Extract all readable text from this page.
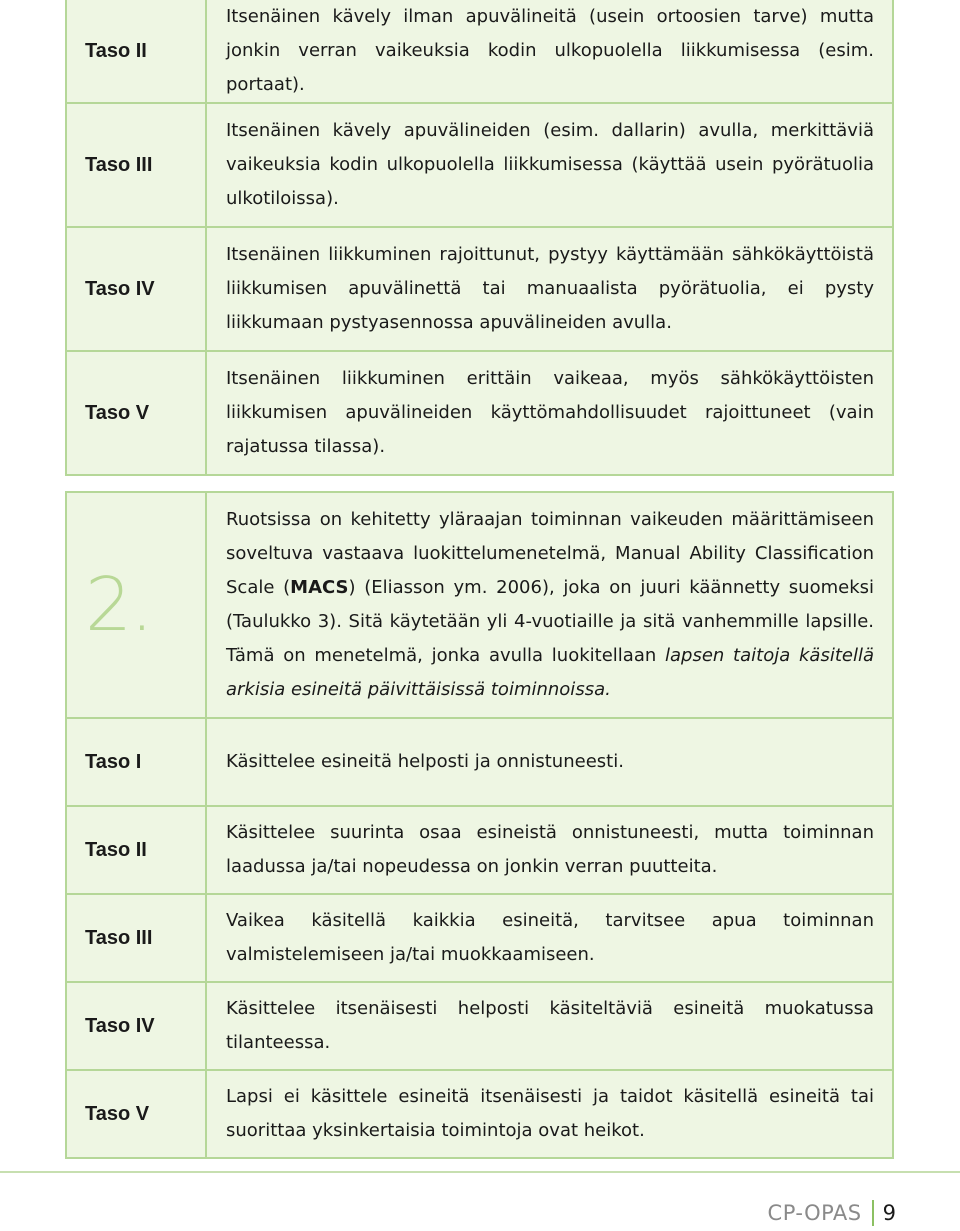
Taso II	Itsenäinen kävely ilman apuvälineitä (usein ortoosien tarve) mutta jonkin verran vaikeuksia kodin ulkopuolella liikkumisessa (esim. portaat).
Taso III	Itsenäinen kävely apuvälineiden (esim. dallarin) avulla, merkittäviä vaikeuksia kodin ulkopuolella liikkumisessa (käyttää usein pyörätuolia ulkotiloissa).
Taso IV	Itsenäinen liikkuminen rajoittunut, pystyy käyttämään sähkökäyttöistä liikkumisen apuvälinettä tai manuaalista pyörätuolia, ei pysty liikkumaan pystyasennossa apuvälineiden avulla.
Taso V	Itsenäinen liikkuminen erittäin vaikeaa, myös sähkökäyttöisten liikkumisen apuvälineiden käyttömahdollisuudet rajoittuneet (vain rajatussa tilassa).
2.	Ruotsissa on kehitetty yläraajan toiminnan vaikeuden määrittämiseen soveltuva vastaava luokittelumenetelmä, Manual Ability Classification Scale (MACS) (Eliasson ym. 2006), joka on juuri käännetty suomeksi (Taulukko 3). Sitä käytetään yli 4-vuotiaille ja sitä vanhemmille lapsille. Tämä on menetelmä, jonka avulla luokitellaan lapsen taitoja käsitellä arkisia esineitä päivittäisissä toiminnoissa.
Taso I	Käsittelee esineitä helposti ja onnistuneesti.
Taso II	Käsittelee suurinta osaa esineistä onnistuneesti, mutta toiminnan laadussa ja/tai nopeudessa on jonkin verran puutteita.
Taso III	Vaikea käsitellä kaikkia esineitä, tarvitsee apua toiminnan valmistelemiseen ja/tai muokkaamiseen.
Taso IV	Käsittelee itsenäisesti helposti käsiteltäviä esineitä muokatussa tilanteessa.
Taso V	Lapsi ei käsittele esineitä itsenäisesti ja taidot käsitellä esineitä tai suorittaa yksinkertaisia toimintoja ovat heikot.
CP-OPAS 9
